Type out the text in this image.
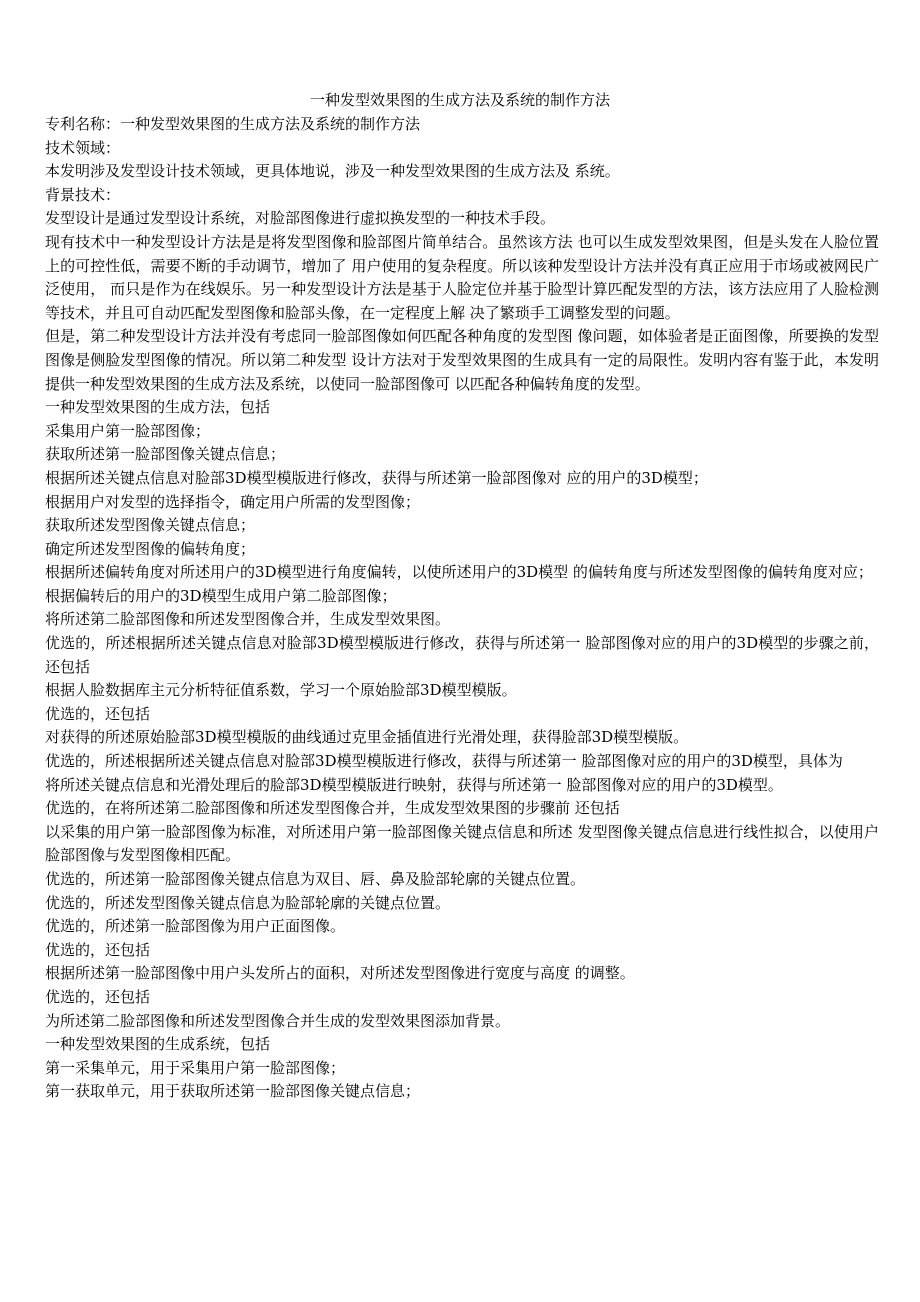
一种发型效果图的生成方法及系统的制作方法

专利名称：一种发型效果图的生成方法及系统的制作方法

技术领域：

本发明涉及发型设计技术领域，更具体地说，涉及一种发型效果图的生成方法及 系统。

背景技术：

发型设计是通过发型设计系统，对脸部图像进行虚拟换发型的一种技术手段。

现有技术中一种发型设计方法是是将发型图像和脸部图片简单结合。虽然该方法 也可以生成发型效果图，但是头发在人脸位置上的可控性低，需要不断的手动调节，增加了 用户使用的复杂程度。所以该种发型设计方法并没有真正应用于市场或被网民广泛使用， 而只是作为在线娱乐。另一种发型设计方法是基于人脸定位并基于脸型计算匹配发型的方法，该方法应用了人脸检测等技术，并且可自动匹配发型图像和脸部头像，在一定程度上解 决了繁琐手工调整发型的问题。

但是，第二种发型设计方法并没有考虑同一脸部图像如何匹配各种角度的发型图 像问题，如体验者是正面图像，所要换的发型图像是侧脸发型图像的情况。所以第二种发型 设计方法对于发型效果图的生成具有一定的局限性。发明内容有鉴于此，本发明提供一种发型效果图的生成方法及系统，以使同一脸部图像可 以匹配各种偏转角度的发型。

一种发型效果图的生成方法，包括

采集用户第一脸部图像；

获取所述第一脸部图像关键点信息；

根据所述关键点信息对脸部3D模型模版进行修改，获得与所述第一脸部图像对 应的用户的3D模型；

根据用户对发型的选择指令，确定用户所需的发型图像；

获取所述发型图像关键点信息；

确定所述发型图像的偏转角度；

根据所述偏转角度对所述用户的3D模型进行角度偏转，以使所述用户的3D模型 的偏转角度与所述发型图像的偏转角度对应；

根据偏转后的用户的3D模型生成用户第二脸部图像；

将所述第二脸部图像和所述发型图像合并，生成发型效果图。

优选的，所述根据所述关键点信息对脸部3D模型模版进行修改，获得与所述第一 脸部图像对应的用户的3D模型的步骤之前，还包括

根据人脸数据库主元分析特征值系数，学习一个原始脸部3D模型模版。

优选的，还包括

对获得的所述原始脸部3D模型模版的曲线通过克里金插值进行光滑处理，获得脸部3D模型模版。

优选的，所述根据所述关键点信息对脸部3D模型模版进行修改，获得与所述第一 脸部图像对应的用户的3D模型，具体为

将所述关键点信息和光滑处理后的脸部3D模型模版进行映射，获得与所述第一 脸部图像对应的用户的3D模型。

优选的，在将所述第二脸部图像和所述发型图像合并，生成发型效果图的步骤前 还包括

以采集的用户第一脸部图像为标准，对所述用户第一脸部图像关键点信息和所述 发型图像关键点信息进行线性拟合，以使用户脸部图像与发型图像相匹配。

优选的，所述第一脸部图像关键点信息为双目、唇、鼻及脸部轮廓的关键点位置。

优选的，所述发型图像关键点信息为脸部轮廓的关键点位置。

优选的，所述第一脸部图像为用户正面图像。

优选的，还包括

根据所述第一脸部图像中用户头发所占的面积，对所述发型图像进行宽度与高度 的调整。

优选的，还包括

为所述第二脸部图像和所述发型图像合并生成的发型效果图添加背景。

一种发型效果图的生成系统，包括

第一采集单元，用于采集用户第一脸部图像；

第一获取单元，用于获取所述第一脸部图像关键点信息；
